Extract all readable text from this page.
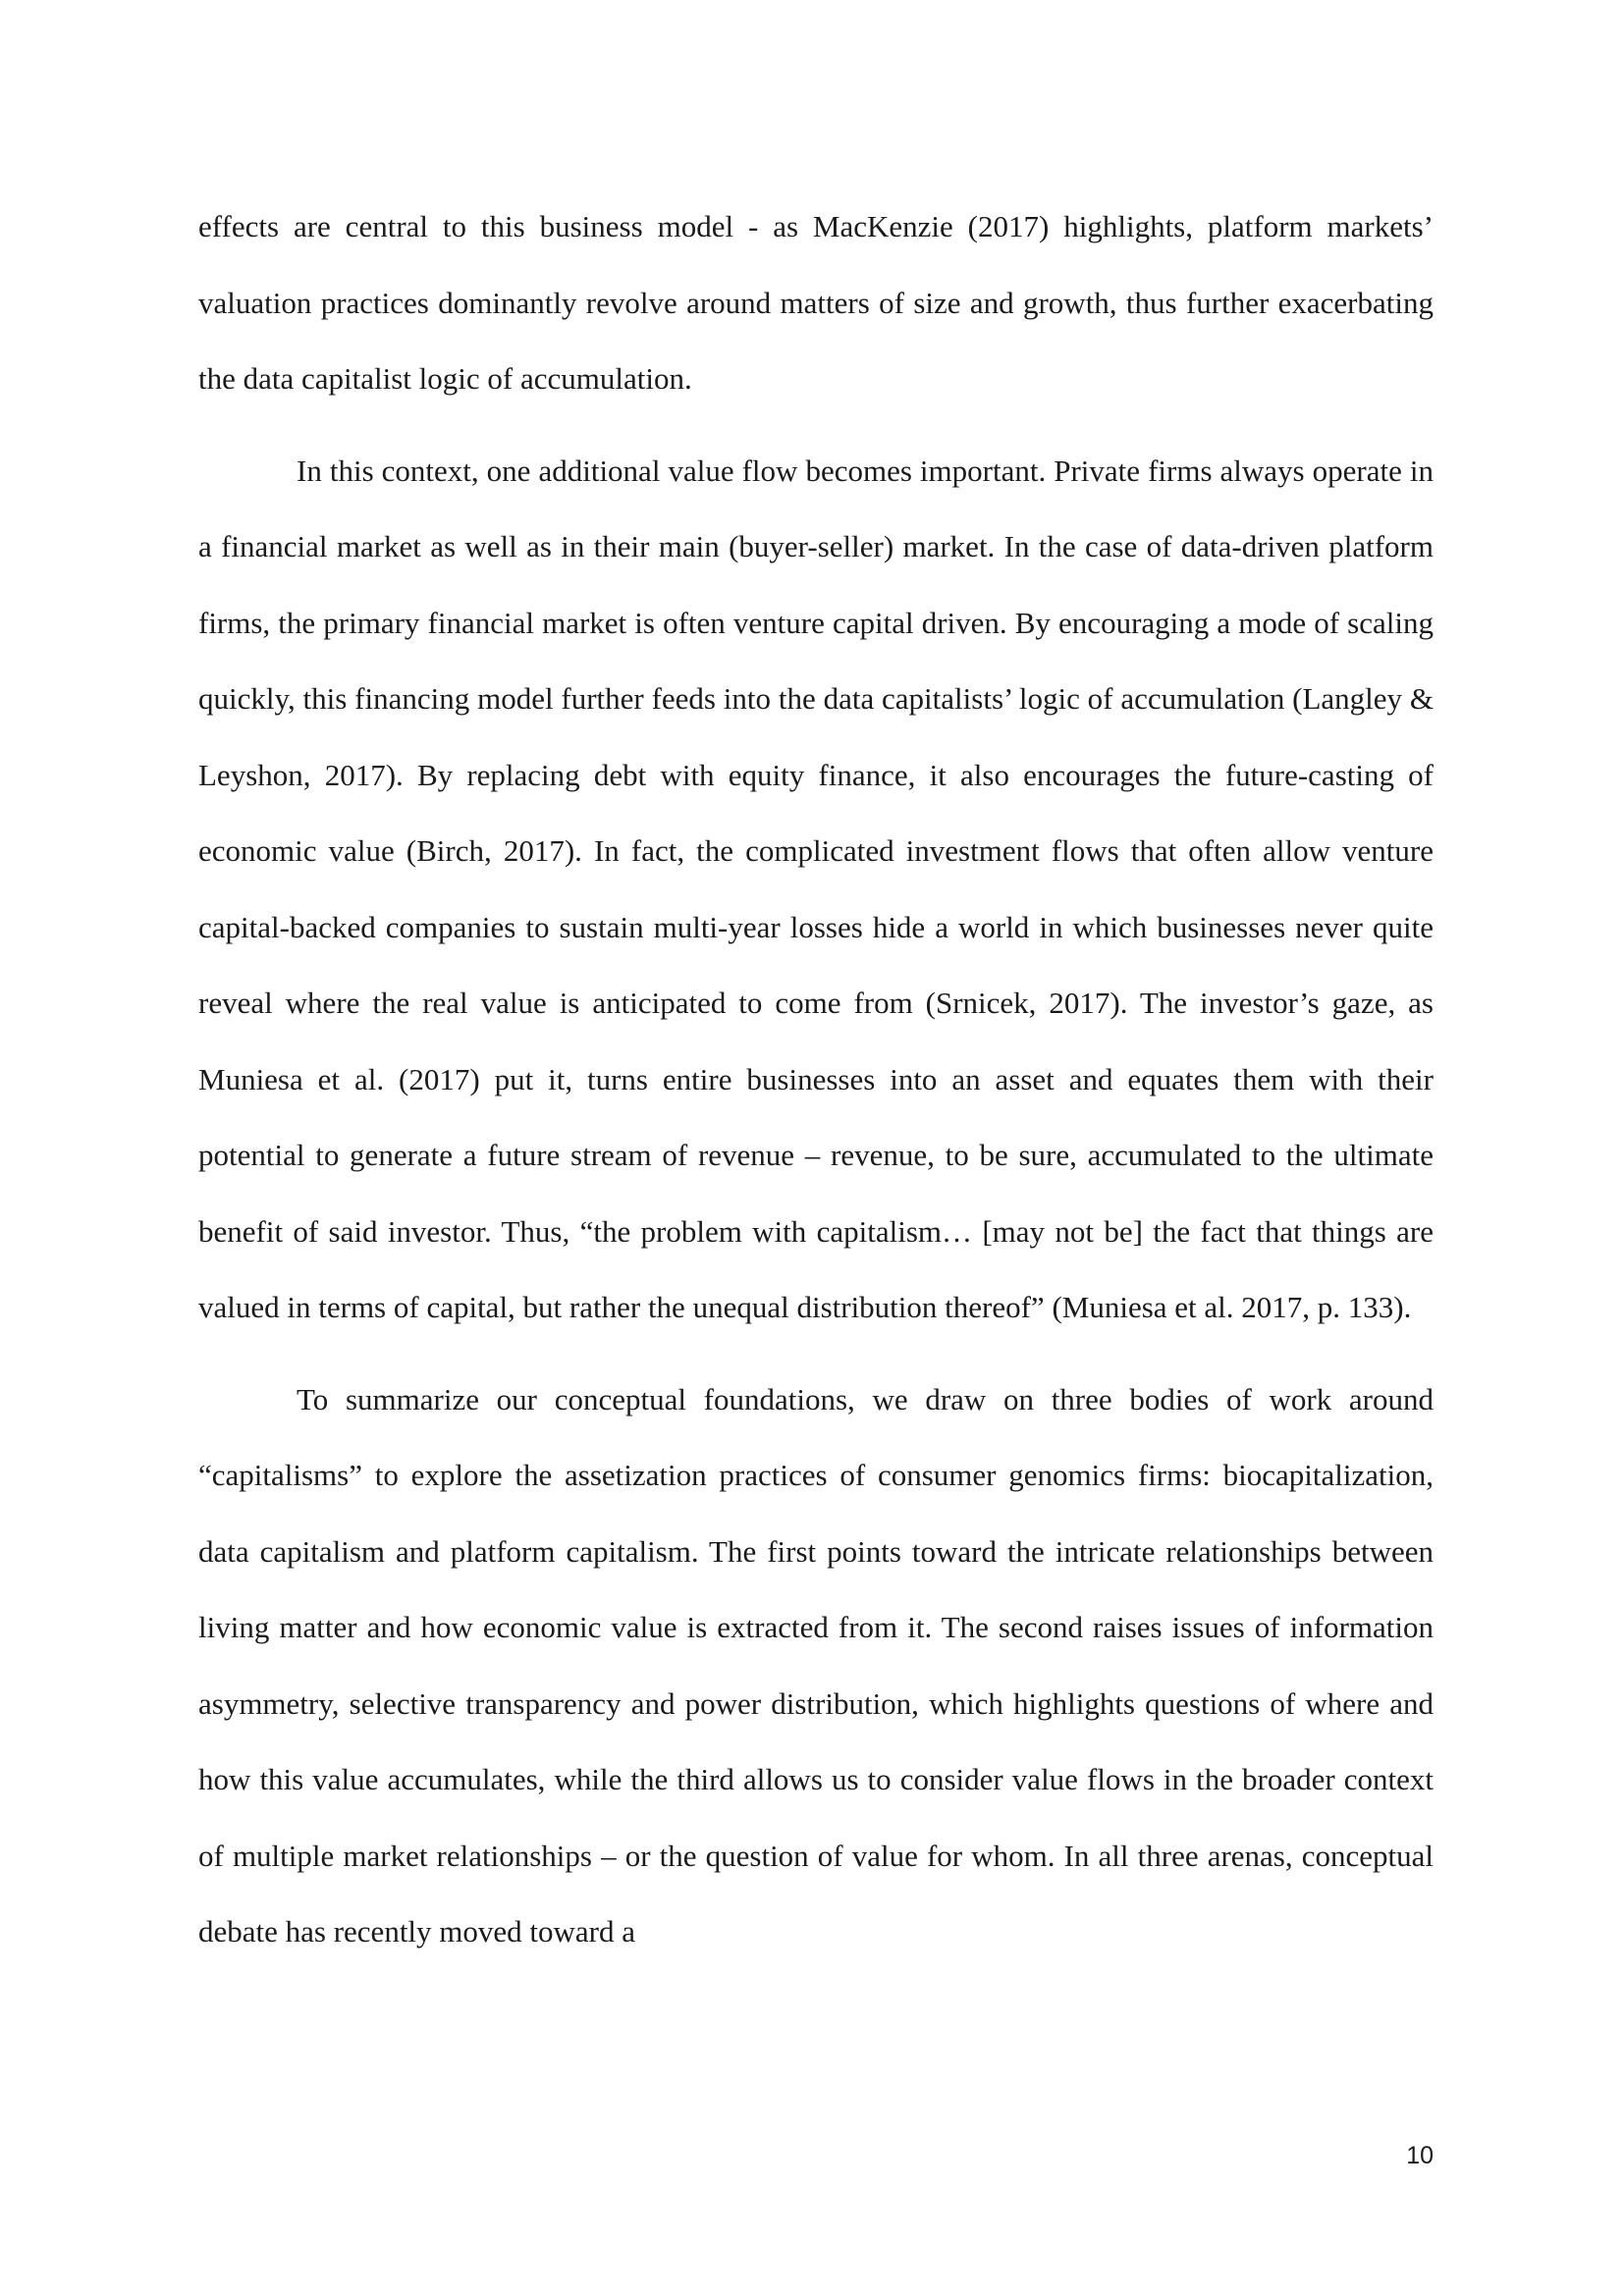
effects are central to this business model - as MacKenzie (2017) highlights, platform markets’ valuation practices dominantly revolve around matters of size and growth, thus further exacerbating the data capitalist logic of accumulation.

In this context, one additional value flow becomes important. Private firms always operate in a financial market as well as in their main (buyer-seller) market. In the case of data-driven platform firms, the primary financial market is often venture capital driven. By encouraging a mode of scaling quickly, this financing model further feeds into the data capitalists’ logic of accumulation (Langley & Leyshon, 2017). By replacing debt with equity finance, it also encourages the future-casting of economic value (Birch, 2017). In fact, the complicated investment flows that often allow venture capital-backed companies to sustain multi-year losses hide a world in which businesses never quite reveal where the real value is anticipated to come from (Srnicek, 2017). The investor’s gaze, as Muniesa et al. (2017) put it, turns entire businesses into an asset and equates them with their potential to generate a future stream of revenue – revenue, to be sure, accumulated to the ultimate benefit of said investor. Thus, “the problem with capitalism… [may not be] the fact that things are valued in terms of capital, but rather the unequal distribution thereof” (Muniesa et al. 2017, p. 133).

To summarize our conceptual foundations, we draw on three bodies of work around “capitalisms” to explore the assetization practices of consumer genomics firms: biocapitalization, data capitalism and platform capitalism. The first points toward the intricate relationships between living matter and how economic value is extracted from it. The second raises issues of information asymmetry, selective transparency and power distribution, which highlights questions of where and how this value accumulates, while the third allows us to consider value flows in the broader context of multiple market relationships – or the question of value for whom. In all three arenas, conceptual debate has recently moved toward a

10
